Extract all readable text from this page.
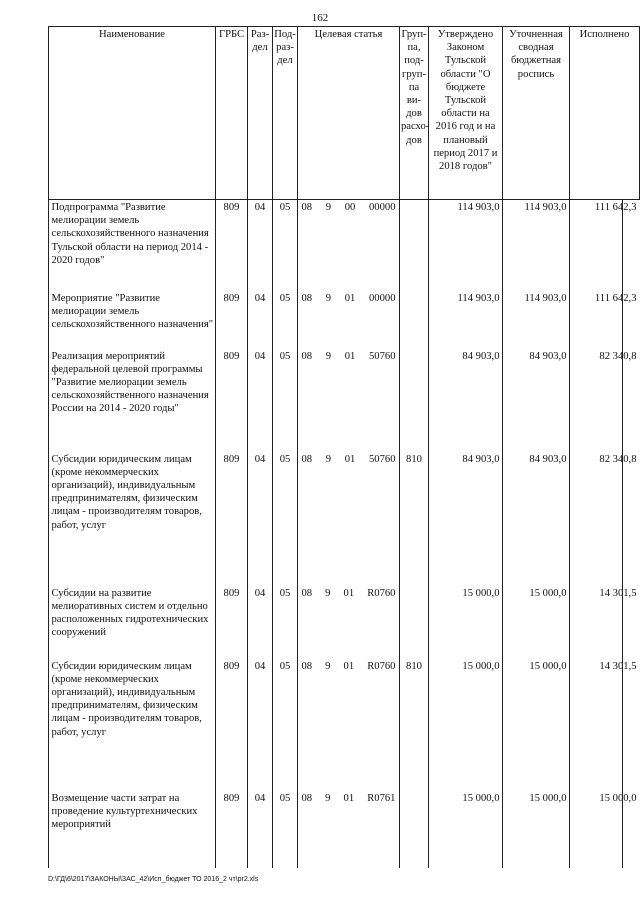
162
Наименование	ГРБС	Раз-дел	Под-раз-дел	Целевая статья	Груп-па, под-груп-па ви-дов расхо-дов	Утверждено Законом Тульской области "О бюджете Тульской области на 2016 год и на плановый период 2017 и 2018 годов"	Уточненная сводная бюджетная роспись	Исполнено
Подпрограмма "Развитие мелиорации земель сельскохозяйственного назначения Тульской области на период 2014 - 2020 годов"	809	04	05	08 9 00 00000		114 903,0	114 903,0	111 642,3
Мероприятие "Развитие мелиорации земель сельскохозяйственного назначения"	809	04	05	08 9 01 00000		114 903,0	114 903,0	111 642,3
Реализация мероприятий федеральной целевой программы "Развитие мелиорации земель сельскохозяйственного назначения России на 2014 - 2020 годы"	809	04	05	08 9 01 50760		84 903,0	84 903,0	82 340,8
Субсидии юридическим лицам (кроме некоммерческих организаций), индивидуальным предпринимателям, физическим лицам - производителям товаров, работ, услуг	809	04	05	08 9 01 50760	810	84 903,0	84 903,0	82 340,8
Субсидии на развитие мелиоративных систем и отдельно расположенных гидротехнических сооружений	809	04	05	08 9 01 R0760		15 000,0	15 000,0	14 301,5
Субсидии юридическим лицам (кроме некоммерческих организаций), индивидуальным предпринимателям, физическим лицам - производителям товаров, работ, услуг	809	04	05	08 9 01 R0760	810	15 000,0	15 000,0	14 301,5
Возмещение части затрат на проведение культуртехнических мероприятий	809	04	05	08 9 01 R0761		15 000,0	15 000,0	15 000,0
D:\ГД\6\2017\ЗАКОНЫ\ЗАС_42\Исп_бюджет ТО 2016_2 чт\pr2.xls
